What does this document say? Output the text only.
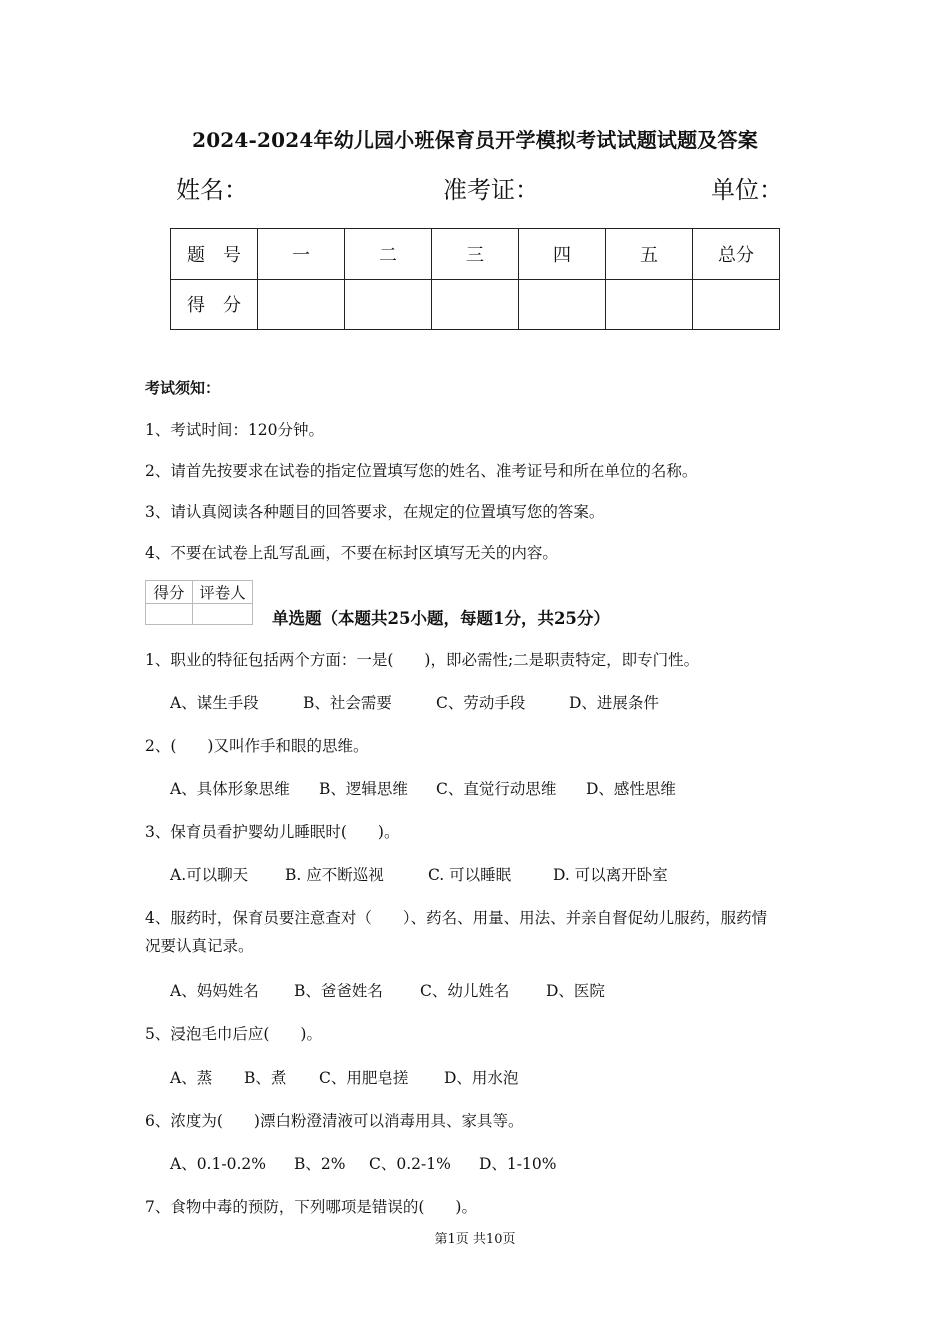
2024-2024年幼儿园小班保育员开学模拟考试试题试题及答案
姓名：	准考证：	单位：
题　号	一	二	三	四	五	总分
得　分						
考试须知：
1、考试时间：120分钟。
2、请首先按要求在试卷的指定位置填写您的姓名、准考证号和所在单位的名称。
3、请认真阅读各种题目的回答要求，在规定的位置填写您的答案。
4、不要在试卷上乱写乱画，不要在标封区填写无关的内容。
得分	评卷人

单选题（本题共25小题，每题1分，共25分）
1、职业的特征包括两个方面：一是(　　)，即必需性;二是职责特定，即专门性。
A、谋生手段	B、社会需要	C、劳动手段	D、进展条件
2、(　　)又叫作手和眼的思维。
A、具体形象思维 B、逻辑思维 C、直觉行动思维 D、感性思维
3、保育员看护婴幼儿睡眠时(　　)。
A.可以聊天 B. 应不断巡视	C. 可以睡眠	D. 可以离开卧室
4、服药时，保育员要注意查对（　　）、药名、用量、用法、并亲自督促幼儿服药，服药情
况要认真记录。
A、妈妈姓名 B、爸爸姓名 C、幼儿姓名 D、医院
5、浸泡毛巾后应(　　)。
A、蒸 B、煮 C、用肥皂搓 D、用水泡
6、浓度为(　　)漂白粉澄清液可以消毒用具、家具等。
A、0.1-0.2% B、2% C、0.2-1% D、1-10%
7、食物中毒的预防，下列哪项是错误的(　　)。
第1页 共10页
